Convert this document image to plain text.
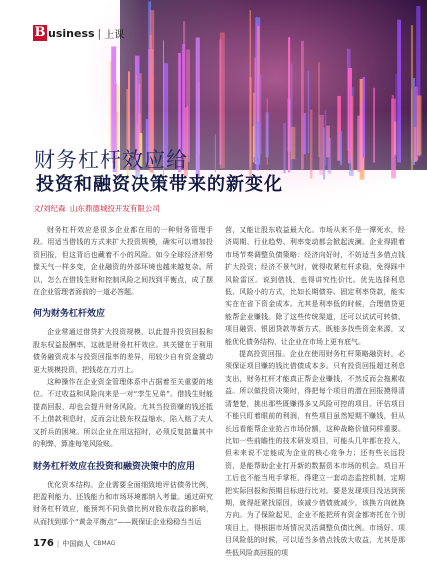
B usiness | 上课
财务杠杆效应给
投资和融资决策带来的新变化
文/刘纪森 山东鼎德城投开发有限公司

财务杠杆效应是很多企业都在用的一种财务管理手段。用适当借钱的方式来扩大投资规模，确实可以增加投资回报，但这背后也藏着不小的风险。如今全球经济形势像天气一样多变，企业融资的外部环境也越来越复杂。所以，怎么在借钱生财和控制风险之间找到平衡点，成了摆在企业管理者面前的一道必答题。

何为财务杠杆效应

企业常通过借贷扩大投资规模，以此提升投资回报和股东权益报酬率，这就是财务杠杆效应。其关键在于利用债务融资成本与投资回报率的差异，用较少自有资金撬动更大规模投资，把钱花在刀刃上。

这种操作在企业资金管理体系中占据着至关重要的地位。不过收益和风险向来是一对“孪生兄弟”。借钱生财能提高回报，却也会提升财务风险。尤其当投资赚的钱还抵不上借款利息时，反而会让股东权益缩水，陷入赔了夫人又折兵的困境。所以企业在用这招时，必须反复掂量其中的利弊，算准每笔风险账。

财务杠杆效应在投资和融资决策中的应用

优化资本结构。企业需要全面细致地评估债务比例，把盈利能力、还钱能力和市场环境都纳入考量。通过研究财务杠杆效应，能预判不同负债比例对股东收益的影响，从而找到那个“黄金平衡点”——既保证企业稳稳当当运

营，又能让股东收益最大化。市场从来不是一潭死水，经济周期、行业趋势、利率变动都会掀起波澜。企业得跟着市场节奏调整负债策略：经济向好时，不妨适当多借点钱扩大投资；经济不景气时，就得收紧杠杆求稳，免得踩中风险雷区。说到借钱，也得讲究性价比。优先选择利息低、风险小的方式，比如长期债券、固定利率贷款，能实实在在省下资金成本。尤其是利率低的时候，合理借贷更能帮企业赚钱。除了这些传统渠道，还可以试试可转债、项目融资、银团贷款等新方式，既能多找些资金来源，又能优化债务结构，让企业在市场上更有底气。

提高投资回报。企业在使用财务杠杆策略融资时，必须保证项目赚的钱比借债成本多。只有投资回报超过利息支出，财务杠杆才能真正帮企业赚钱，不然反而会拖累收益。所以做投资决策时，得把每个项目的潜在回报摸得清清楚楚，挑出那些既赚得多又风险可控的项目。评估项目不能只盯着眼前的利润，有些项目虽然短期不赚钱，但从长远看能帮企业抢占市场份额，这种战略价值同样重要。比如一些前瞻性的技术研发项目，可能头几年都在投入，但未来说不定能成为企业的核心竞争力；还有些长远投资，是能帮助企业打开新的数据资本市场的机会。项目开工后也不能当甩手掌柜，得建立一套动态监控机制，定期把实际回报和预期目标进行比对。要是发现项目没达到预期，就得赶紧找原因，该减少借债就减少，该换方向就换方向。为了保险起见，企业不能把所有资金都寄托在个别项目上，得根据市场情况灵活调整负债比例。市场好、项目风险低的时候，可以适当多借点钱放大收益，尤其是那些低风险高回报的项

176 | 中国商人 CBMAG
